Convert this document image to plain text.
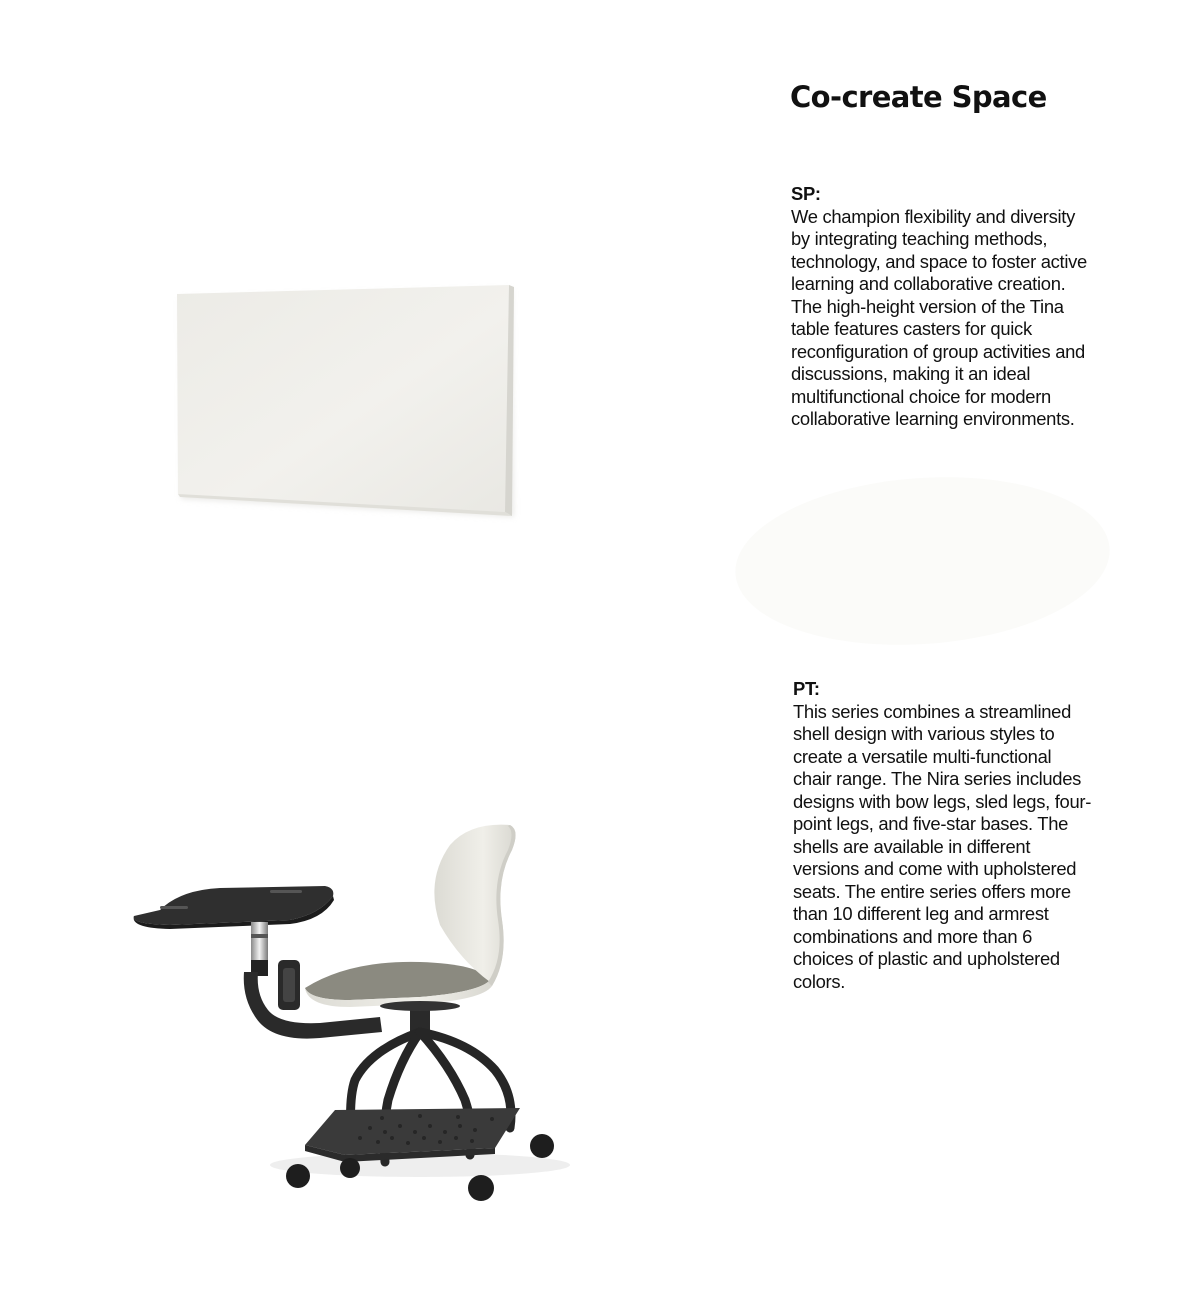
Co-create Space
SP:

We champion flexibility and diversity by integrating teaching methods, technology, and space to foster active learning and collaborative creation.

The high-height version of the Tina table features casters for quick reconfiguration of group activities and discussions, making it an ideal multifunctional choice for modern collaborative learning environments.

PT:

This series combines a streamlined shell design with various styles to create a versatile multi-functional chair range. The Nira series includes designs with bow legs, sled legs, four-point legs, and five-star bases. The shells are available in different versions and come with upholstered seats. The entire series offers more than 10 different leg and armrest combinations and more than 6 choices of plastic and upholstered colors.
